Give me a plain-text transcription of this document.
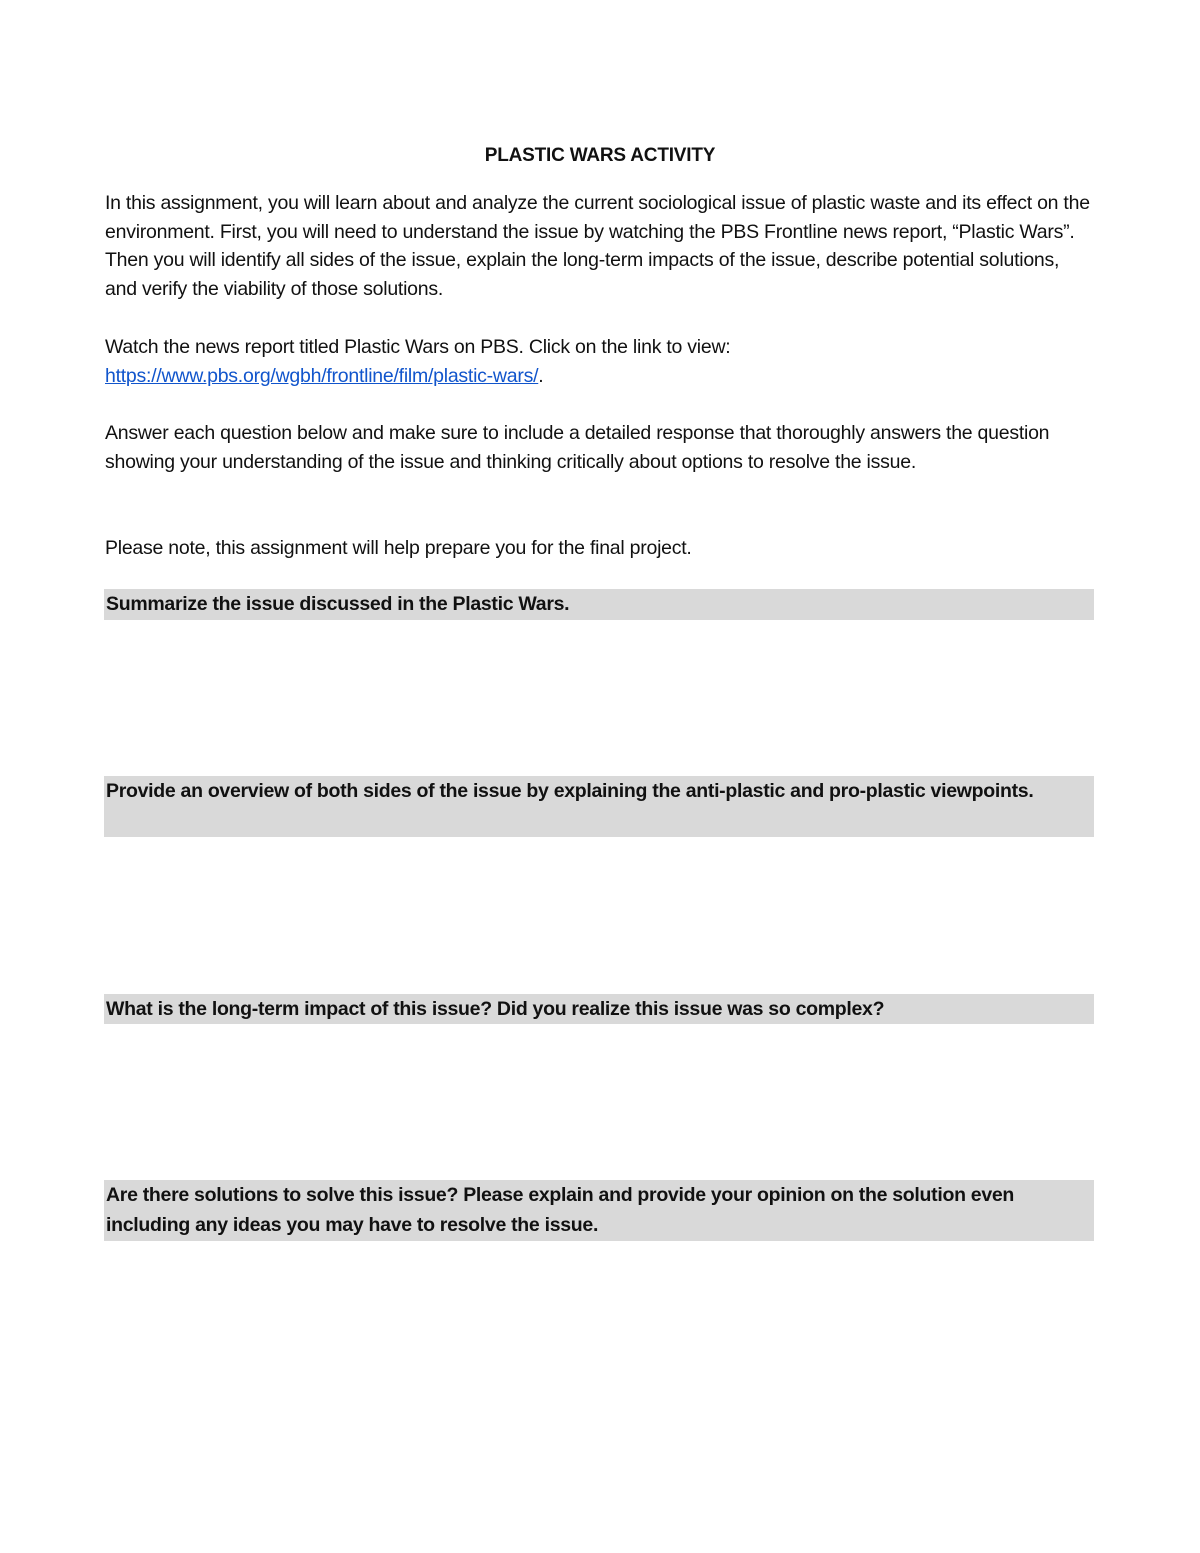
PLASTIC WARS ACTIVITY

In this assignment, you will learn about and analyze the current sociological issue of plastic waste and its effect on the environment. First, you will need to understand the issue by watching the PBS Frontline news report, “Plastic Wars”. Then you will identify all sides of the issue, explain the long-term impacts of the issue, describe potential solutions, and verify the viability of those solutions.

Watch the news report titled Plastic Wars on PBS. Click on the link to view:
https://www.pbs.org/wgbh/frontline/film/plastic-wars/.

Answer each question below and make sure to include a detailed response that thoroughly answers the question showing your understanding of the issue and thinking critically about options to resolve the issue.

Please note, this assignment will help prepare you for the final project.

Summarize the issue discussed in the Plastic Wars.
Provide an overview of both sides of the issue by explaining the anti-plastic and pro-plastic viewpoints.
What is the long-term impact of this issue? Did you realize this issue was so complex?
Are there solutions to solve this issue? Please explain and provide your opinion on the solution even including any ideas you may have to resolve the issue.
